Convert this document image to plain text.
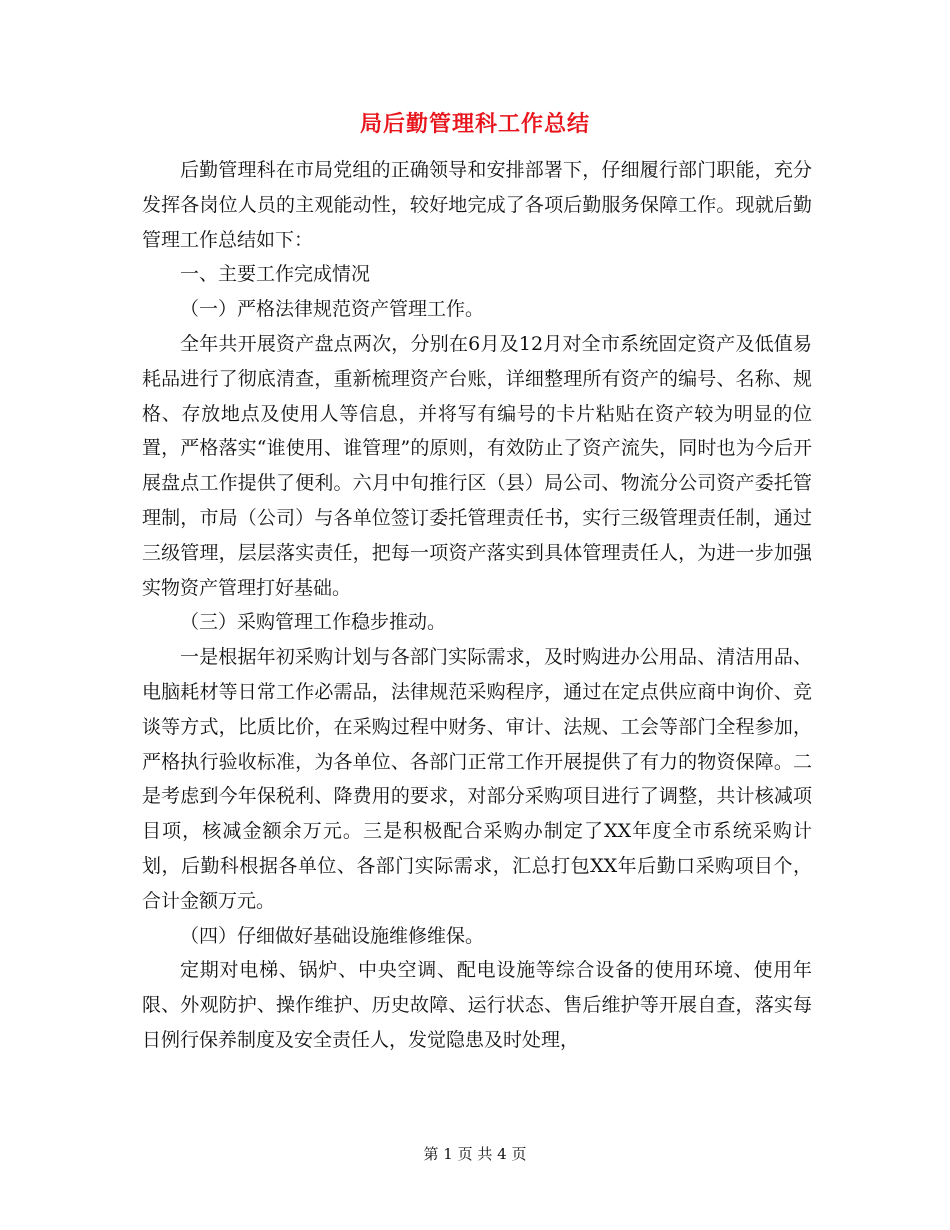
局后勤管理科工作总结

后勤管理科在市局党组的正确领导和安排部署下，仔细履行部门职能，充分发挥各岗位人员的主观能动性，较好地完成了各项后勤服务保障工作。现就后勤管理工作总结如下：

一、主要工作完成情况

（一）严格法律规范资产管理工作。

全年共开展资产盘点两次，分别在6月及12月对全市系统固定资产及低值易耗品进行了彻底清查，重新梳理资产台账，详细整理所有资产的编号、名称、规格、存放地点及使用人等信息，并将写有编号的卡片粘贴在资产较为明显的位置，严格落实“谁使用、谁管理”的原则，有效防止了资产流失，同时也为今后开展盘点工作提供了便利。六月中旬推行区（县）局公司、物流分公司资产委托管理制，市局（公司）与各单位签订委托管理责任书，实行三级管理责任制，通过三级管理，层层落实责任，把每一项资产落实到具体管理责任人，为进一步加强实物资产管理打好基础。

（三）采购管理工作稳步推动。

一是根据年初采购计划与各部门实际需求，及时购进办公用品、清洁用品、电脑耗材等日常工作必需品，法律规范采购程序，通过在定点供应商中询价、竞谈等方式，比质比价，在采购过程中财务、审计、法规、工会等部门全程参加，严格执行验收标准，为各单位、各部门正常工作开展提供了有力的物资保障。二是考虑到今年保税利、降费用的要求，对部分采购项目进行了调整，共计核减项目项，核减金额余万元。三是积极配合采购办制定了XX年度全市系统采购计划，后勤科根据各单位、各部门实际需求，汇总打包XX年后勤口采购项目个，合计金额万元。

（四）仔细做好基础设施维修维保。

定期对电梯、锅炉、中央空调、配电设施等综合设备的使用环境、使用年限、外观防护、操作维护、历史故障、运行状态、售后维护等开展自查，落实每日例行保养制度及安全责任人，发觉隐患及时处理，

第 1 页 共 4 页
